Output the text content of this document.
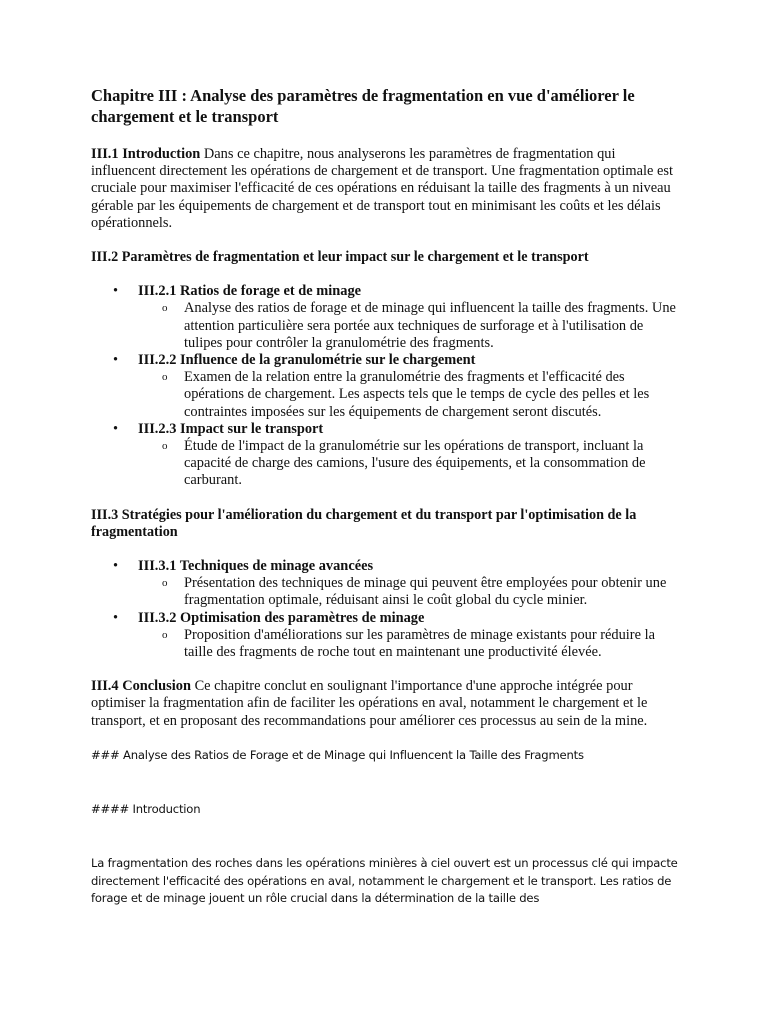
Chapitre III : Analyse des paramètres de fragmentation en vue d'améliorer le chargement et le transport

III.1 Introduction Dans ce chapitre, nous analyserons les paramètres de fragmentation qui influencent directement les opérations de chargement et de transport. Une fragmentation optimale est cruciale pour maximiser l'efficacité de ces opérations en réduisant la taille des fragments à un niveau gérable par les équipements de chargement et de transport tout en minimisant les coûts et les délais opérationnels.

III.2 Paramètres de fragmentation et leur impact sur le chargement et le transport
• III.2.1 Ratios de forage et de minage
o Analyse des ratios de forage et de minage qui influencent la taille des fragments. Une attention particulière sera portée aux techniques de surforage et à l'utilisation de tulipes pour contrôler la granulométrie des fragments.
• III.2.2 Influence de la granulométrie sur le chargement
o Examen de la relation entre la granulométrie des fragments et l'efficacité des opérations de chargement. Les aspects tels que le temps de cycle des pelles et les contraintes imposées sur les équipements de chargement seront discutés.
• III.2.3 Impact sur le transport
o Étude de l'impact de la granulométrie sur les opérations de transport, incluant la capacité de charge des camions, l'usure des équipements, et la consommation de carburant.
III.3 Stratégies pour l'amélioration du chargement et du transport par l'optimisation de la fragmentation
• III.3.1 Techniques de minage avancées
o Présentation des techniques de minage qui peuvent être employées pour obtenir une fragmentation optimale, réduisant ainsi le coût global du cycle minier.
• III.3.2 Optimisation des paramètres de minage
o Proposition d'améliorations sur les paramètres de minage existants pour réduire la taille des fragments de roche tout en maintenant une productivité élevée.

III.4 Conclusion Ce chapitre conclut en soulignant l'importance d'une approche intégrée pour optimiser la fragmentation afin de faciliter les opérations en aval, notamment le chargement et le transport, et en proposant des recommandations pour améliorer ces processus au sein de la mine.

### Analyse des Ratios de Forage et de Minage qui Influencent la Taille des Fragments

#### Introduction

La fragmentation des roches dans les opérations minières à ciel ouvert est un processus clé qui impacte directement l'efficacité des opérations en aval, notamment le chargement et le transport. Les ratios de forage et de minage jouent un rôle crucial dans la détermination de la taille des
